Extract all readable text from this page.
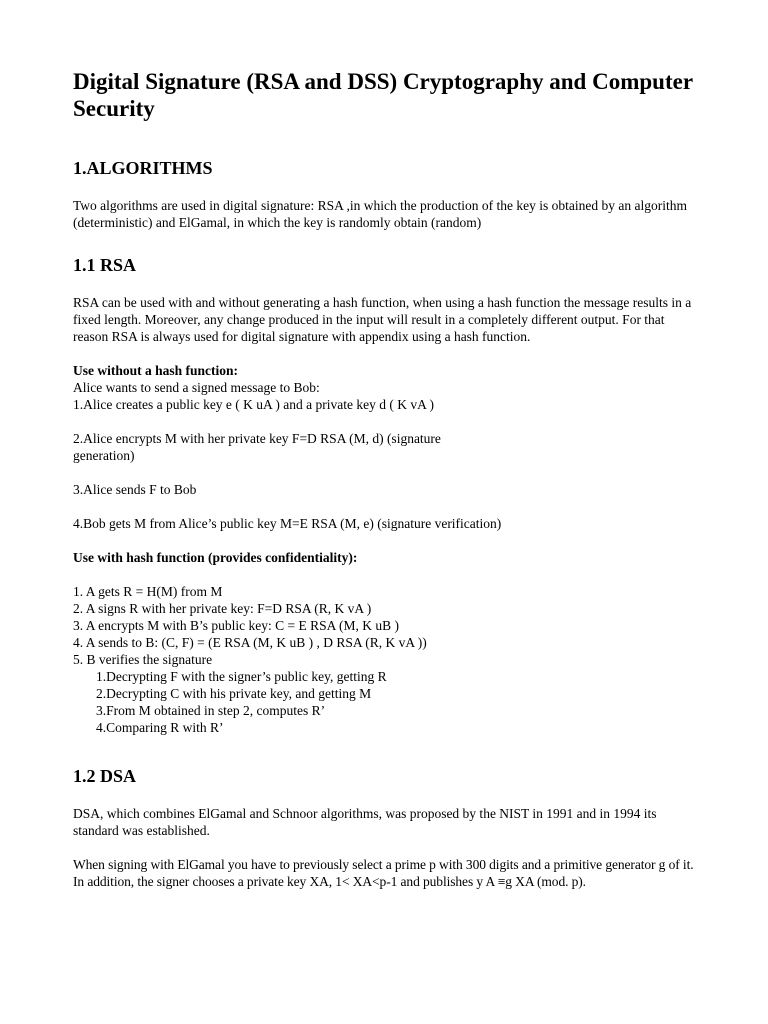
Digital Signature (RSA and DSS) Cryptography and Computer Security
1.ALGORITHMS

Two algorithms are used in digital signature: RSA ,in which the production of the key is obtained by an algorithm (deterministic) and ElGamal, in which the key is randomly obtain (random)

1.1 RSA

RSA can be used with and without generating a hash function, when using a hash function the message results in a fixed length. Moreover, any change produced in the input will result in a completely different output. For that reason RSA is always used for digital signature with appendix using a hash function.

Use without a hash function:

Alice wants to send a signed message to Bob:

1.Alice creates a public key e ( K uA ) and a private key d ( K vA )

2.Alice encrypts M with her private key F=D RSA (M, d) (signature generation)

3.Alice sends F to Bob

4.Bob gets M from Alice’s public key M=E RSA (M, e) (signature verification)

Use with hash function (provides confidentiality):

1. A gets R = H(M) from M

2. A signs R with her private key: F=D RSA (R, K vA )

3. A encrypts M with B’s public key: C = E RSA (M, K uB )

4. A sends to B: (C, F) = (E RSA (M, K uB ) , D RSA (R, K vA ))

5. B verifies the signature

1.Decrypting F with the signer’s public key, getting R

2.Decrypting C with his private key, and getting M

3.From M obtained in step 2, computes R’

4.Comparing R with R’

1.2 DSA

DSA, which combines ElGamal and Schnoor algorithms, was proposed by the NIST in 1991 and in 1994 its standard was established.

When signing with ElGamal you have to previously select a prime p with 300 digits and a primitive generator g of it. In addition, the signer chooses a private key XA, 1< XA<p-1 and publishes y A ≡g XA (mod. p).
